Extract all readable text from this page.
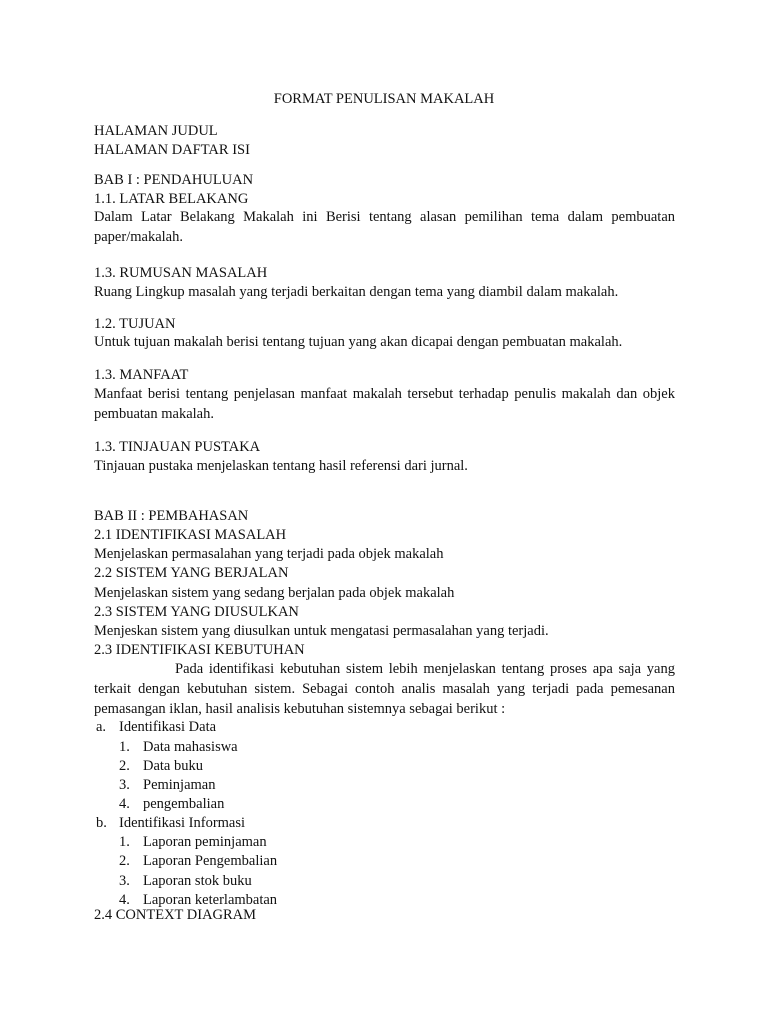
FORMAT PENULISAN MAKALAH

HALAMAN JUDUL

HALAMAN DAFTAR ISI

BAB I : PENDAHULUAN

1.1. LATAR BELAKANG

Dalam Latar Belakang Makalah ini Berisi tentang alasan pemilihan tema dalam pembuatan paper/makalah.

1.3. RUMUSAN MASALAH

Ruang Lingkup masalah yang terjadi berkaitan dengan tema yang diambil dalam makalah.

1.2. TUJUAN

Untuk tujuan makalah berisi tentang tujuan yang akan dicapai dengan pembuatan makalah.

1.3. MANFAAT

Manfaat berisi tentang penjelasan manfaat makalah tersebut terhadap penulis makalah dan objek pembuatan makalah.

1.3. TINJAUAN PUSTAKA

Tinjauan pustaka menjelaskan tentang hasil referensi dari jurnal.

BAB II : PEMBAHASAN

2.1 IDENTIFIKASI MASALAH

Menjelaskan permasalahan yang terjadi pada objek makalah

2.2 SISTEM YANG BERJALAN

Menjelaskan sistem yang sedang berjalan pada objek makalah

2.3 SISTEM YANG DIUSULKAN

Menjeskan sistem yang diusulkan untuk mengatasi permasalahan yang terjadi.

2.3 IDENTIFIKASI KEBUTUHAN

Pada identifikasi kebutuhan sistem lebih menjelaskan tentang proses apa saja yang terkait dengan kebutuhan sistem. Sebagai contoh analis masalah yang terjadi pada pemesanan pemasangan iklan, hasil analisis kebutuhan sistemnya sebagai berikut :

a. Identifikasi Data
1. Data mahasiswa
2. Data buku
3. Peminjaman
4. pengembalian
b. Identifikasi Informasi
1. Laporan peminjaman
2. Laporan Pengembalian
3. Laporan stok buku
4. Laporan keterlambatan

2.4 CONTEXT DIAGRAM
